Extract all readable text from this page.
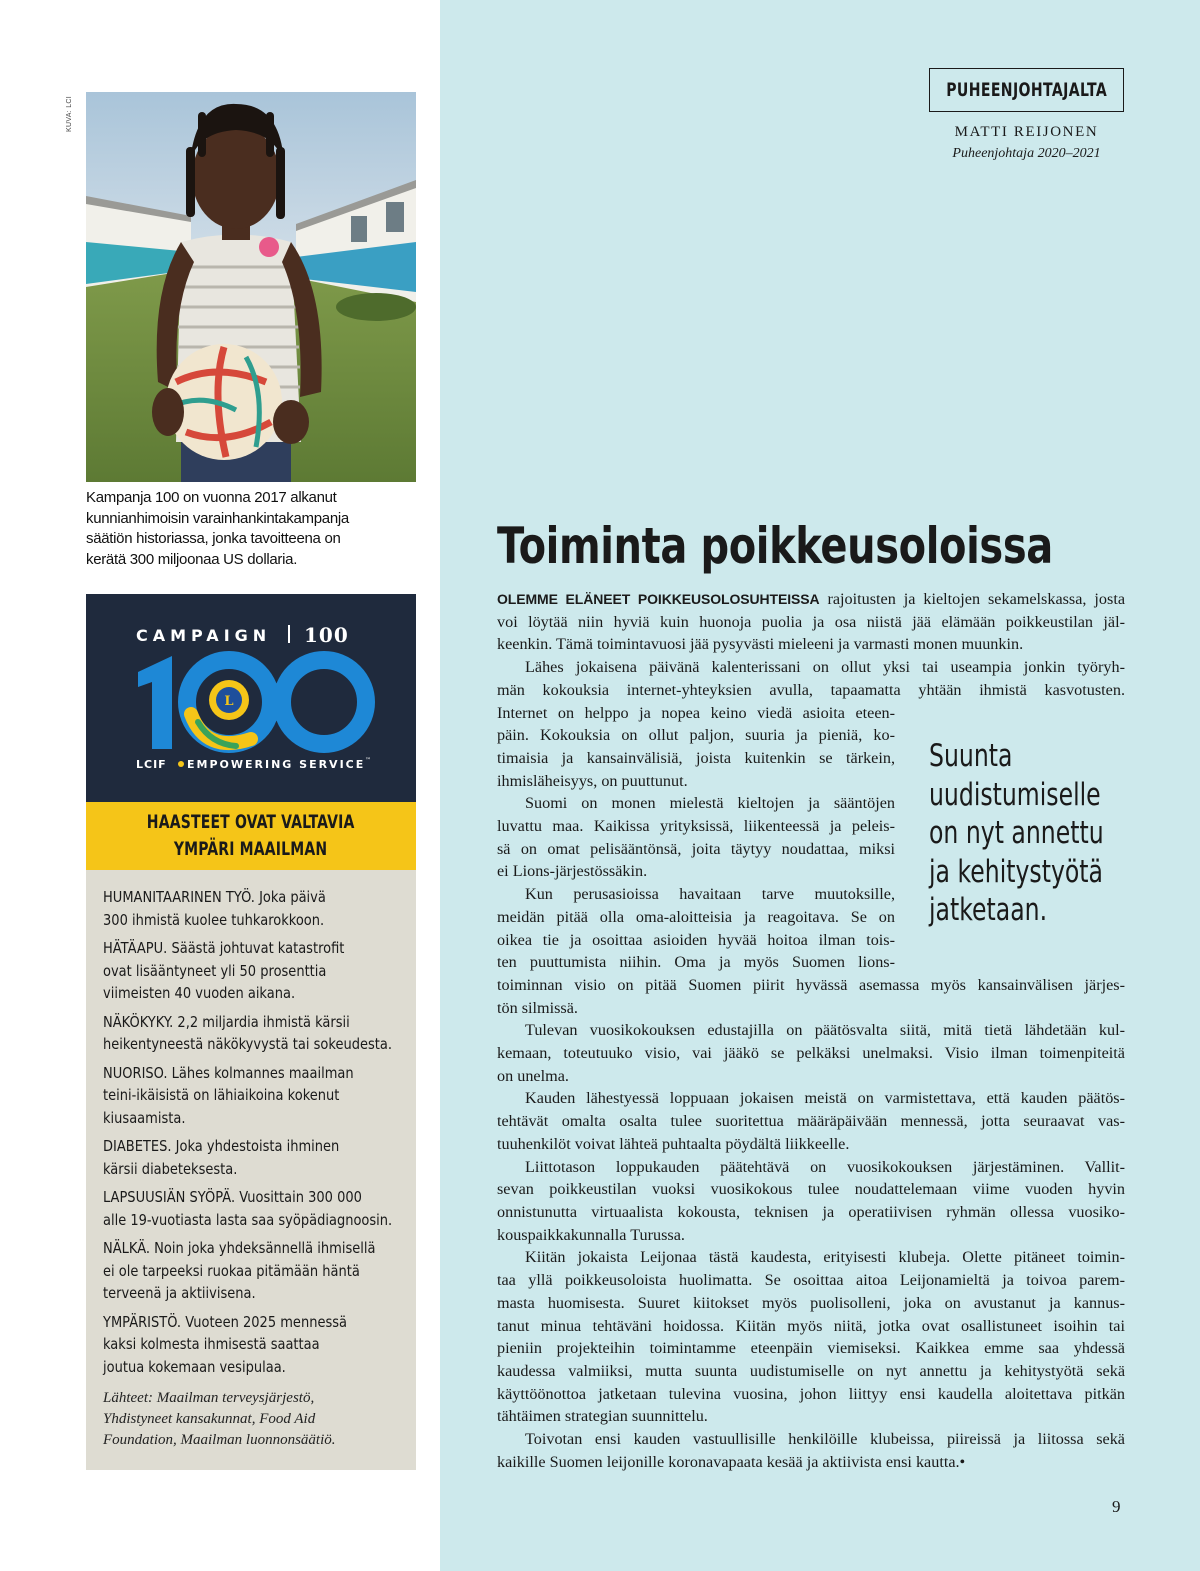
KUVA: LCI

Kampanja 100 on vuonna 2017 alkanut

kunnianhimoisin varainhankintakampanja

säätiön historiassa, jonka tavoitteena on

kerätä 300 miljoonaa US dollaria.

CAMPAIGN 100
L
LCIF EMPOWERING SERVICE ™
HAASTEET OVAT VALTAVIA
YMPÄRI MAAILMAN

HUMANITAARINEN TYÖ. Joka päivä

300 ihmistä kuolee tuhkarokkoon.

HÄTÄAPU. Säästä johtuvat katastrofit

ovat lisääntyneet yli 50 prosenttia

viimeisten 40 vuoden aikana.

NÄKÖKYKY. 2,2 miljardia ihmistä kärsii

heikentyneestä näkökyvystä tai sokeudesta.

NUORISO. Lähes kolmannes maailman

teini-ikäisistä on lähiaikoina kokenut

kiusaamista.

DIABETES. Joka yhdestoista ihminen

kärsii diabeteksesta.

LAPSUUSIÄN SYÖPÄ. Vuosittain 300 000

alle 19-vuotiasta lasta saa syöpädiagnoosin.

NÄLKÄ. Noin joka yhdeksännellä ihmisellä

ei ole tarpeeksi ruokaa pitämään häntä

terveenä ja aktiivisena.

YMPÄRISTÖ. Vuoteen 2025 mennessä

kaksi kolmesta ihmisestä saattaa

joutua kokemaan vesipulaa.

Lähteet: Maailman terveysjärjestö,

Yhdistyneet kansakunnat, Food Aid

Foundation, Maailman luonnonsäätiö.

PUHEENJOHTAJALTA
MATTI REIJONEN
Puheenjohtaja 2020–2021
Toiminta poikkeusoloissa
OLEMME ELÄNEET POIKKEUSOLOSUHTEISSA rajoitusten ja kieltojen sekamelskassa, josta
voi löytää niin hyviä kuin huonoja puolia ja osa niistä jää elämään poikkeustilan jäl-
keenkin. Tämä toimintavuosi jää pysyvästi mieleeni ja varmasti monen muunkin.
Lähes jokaisena päivänä kalenterissani on ollut yksi tai useampia jonkin työryh-
män kokouksia internet-yhteyksien avulla, tapaamatta yhtään ihmistä kasvotusten.
Internet on helppo ja nopea keino viedä asioita eteen-
päin. Kokouksia on ollut paljon, suuria ja pieniä, ko-
timaisia ja kansainvälisiä, joista kuitenkin se tärkein,
ihmisläheisyys, on puuttunut.
Suomi on monen mielestä kieltojen ja sääntöjen
luvattu maa. Kaikissa yrityksissä, liikenteessä ja peleis-
sä on omat pelisääntönsä, joita täytyy noudattaa, miksi
ei Lions-järjestössäkin.
Kun perusasioissa havaitaan tarve muutoksille,
meidän pitää olla oma-aloitteisia ja reagoitava. Se on
oikea tie ja osoittaa asioiden hyvää hoitoa ilman tois-
ten puuttumista niihin. Oma ja myös Suomen lions-
toiminnan visio on pitää Suomen piirit hyvässä asemassa myös kansainvälisen järjes-
tön silmissä.
Tulevan vuosikokouksen edustajilla on päätösvalta siitä, mitä tietä lähdetään kul-
kemaan, toteutuuko visio, vai jääkö se pelkäksi unelmaksi. Visio ilman toimenpiteitä
on unelma.
Kauden lähestyessä loppuaan jokaisen meistä on varmistettava, että kauden päätös-
tehtävät omalta osalta tulee suoritettua määräpäivään mennessä, jotta seuraavat vas-
tuuhenkilöt voivat lähteä puhtaalta pöydältä liikkeelle.
Liittotason loppukauden päätehtävä on vuosikokouksen järjestäminen. Vallit-
sevan poikkeustilan vuoksi vuosikokous tulee noudattelemaan viime vuoden hyvin
onnistunutta virtuaalista kokousta, teknisen ja operatiivisen ryhmän ollessa vuosiko-
kouspaikkakunnalla Turussa.
Kiitän jokaista Leijonaa tästä kaudesta, erityisesti klubeja. Olette pitäneet toimin-
taa yllä poikkeusoloista huolimatta. Se osoittaa aitoa Leijonamieltä ja toivoa parem-
masta huomisesta. Suuret kiitokset myös puolisolleni, joka on avustanut ja kannus-
tanut minua tehtäväni hoidossa. Kiitän myös niitä, jotka ovat osallistuneet isoihin tai
pieniin projekteihin toimintamme eteenpäin viemiseksi. Kaikkea emme saa yhdessä
kaudessa valmiiksi, mutta suunta uudistumiselle on nyt annettu ja kehitystyötä sekä
käyttöönottoa jatketaan tulevina vuosina, johon liittyy ensi kaudella aloitettava pitkän
tähtäimen strategian suunnittelu.
Toivotan ensi kauden vastuullisille henkilöille klubeissa, piireissä ja liitossa sekä
kaikille Suomen leijonille koronavapaata kesää ja aktiivista ensi kautta.•
Suunta
uudistumiselle
on nyt annettu
ja kehitystyötä
jatketaan.
9
